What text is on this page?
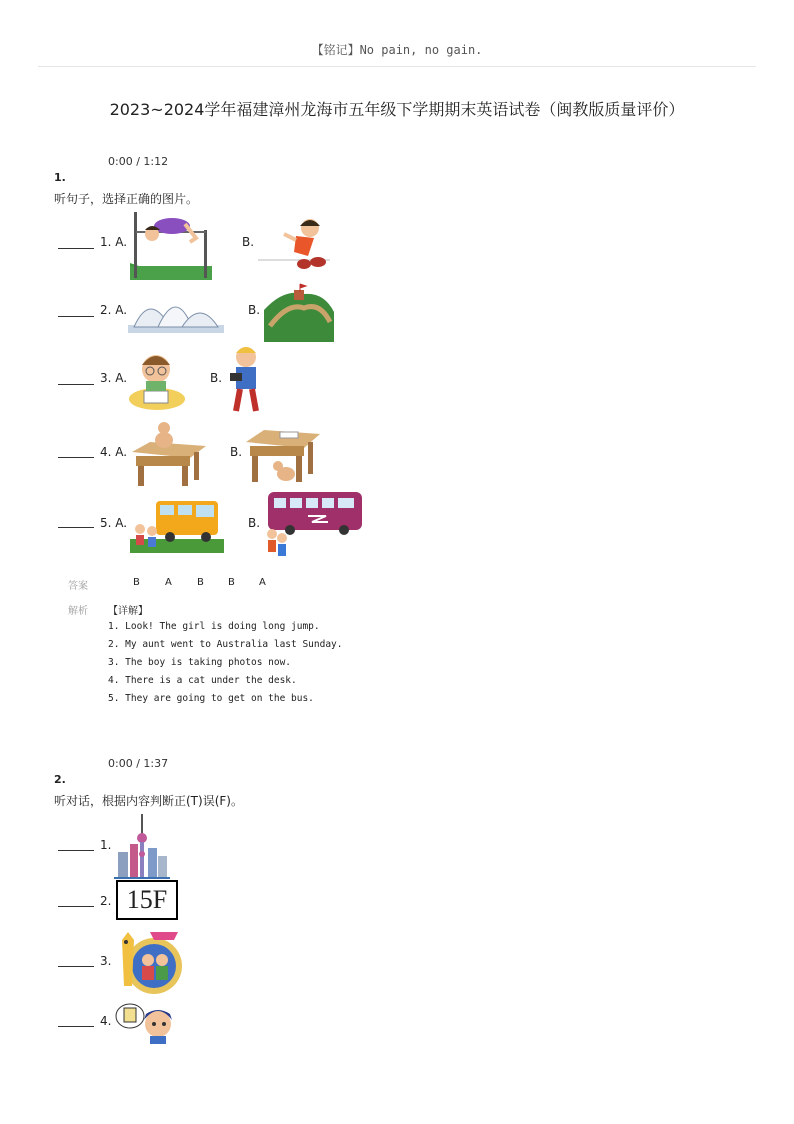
【铭记】No pain, no gain.
2023~2024学年福建漳州龙海市五年级下学期期末英语试卷（闽教版质量评价）
0:00 / 1:12
1.
听句子，选择正确的图片。
1. A.	B.
2. A.	B.
3. A.	B.
4. A.	B.
5. A.	B.
答案	B	A	B B A
解析 【详解】
1. Look! The girl is doing long jump.
2. My aunt went to Australia last Sunday.
3. The boy is taking photos now.
4. There is a cat under the desk.
5. They are going to get on the bus.
0:00 / 1:37
2.
听对话，根据内容判断正(T)误(F)。
1.
2. 15F
3.
4.
